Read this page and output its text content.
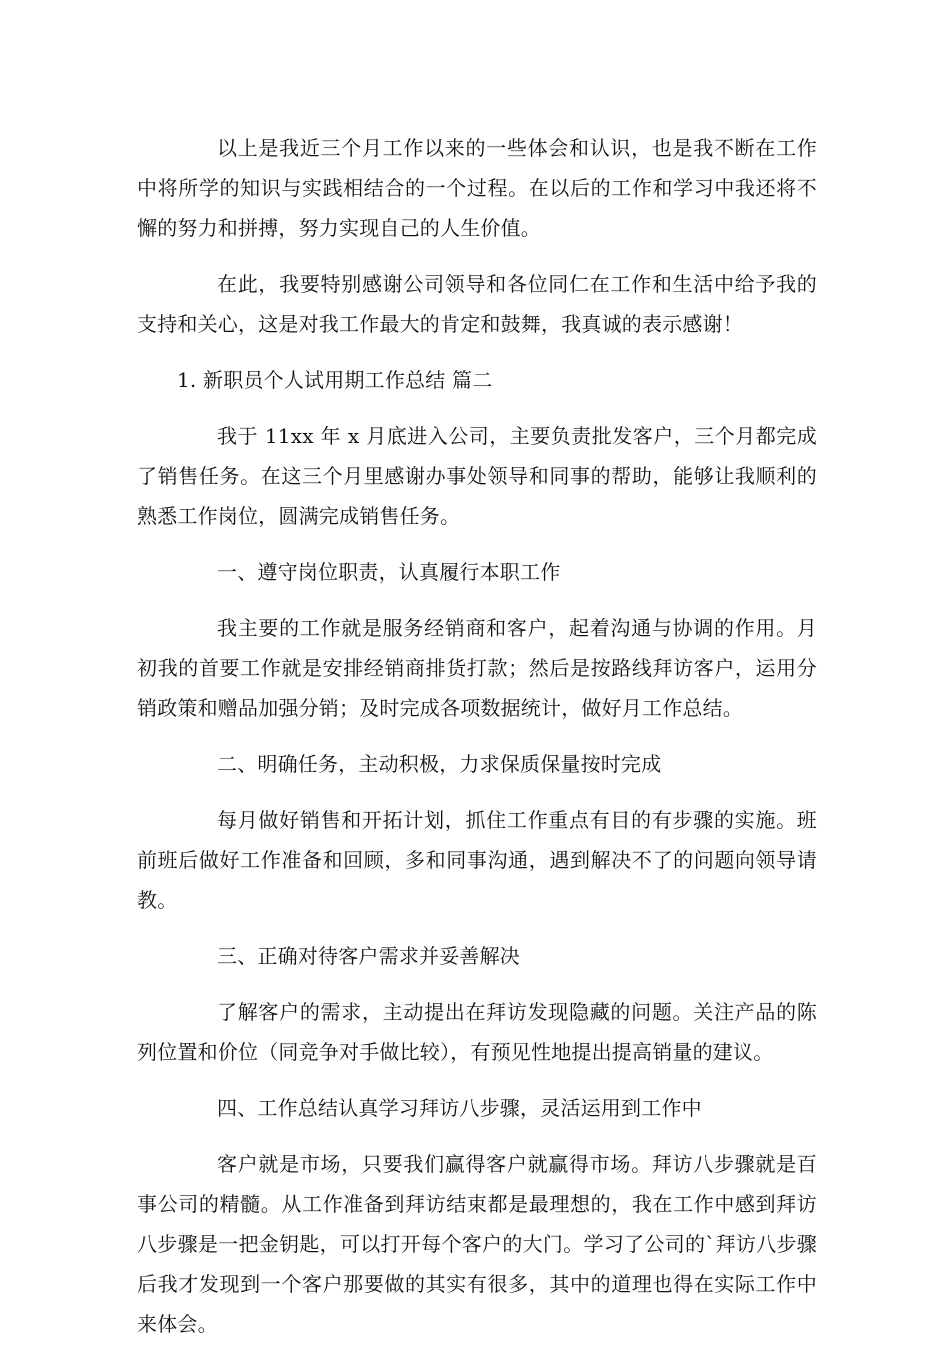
以上是我近三个月工作以来的一些体会和认识，也是我不断在工作中将所学的知识与实践相结合的一个过程。在以后的工作和学习中我还将不懈的努力和拼搏，努力实现自己的人生价值。

在此，我要特别感谢公司领导和各位同仁在工作和生活中给予我的支持和关心，这是对我工作最大的肯定和鼓舞，我真诚的表示感谢！

1. 新职员个人试用期工作总结 篇二

我于 11xx 年 x 月底进入公司，主要负责批发客户，三个月都完成了销售任务。在这三个月里感谢办事处领导和同事的帮助，能够让我顺利的熟悉工作岗位，圆满完成销售任务。

一、遵守岗位职责，认真履行本职工作

我主要的工作就是服务经销商和客户，起着沟通与协调的作用。月初我的首要工作就是安排经销商排货打款；然后是按路线拜访客户，运用分销政策和赠品加强分销；及时完成各项数据统计，做好月工作总结。

二、明确任务，主动积极，力求保质保量按时完成

每月做好销售和开拓计划，抓住工作重点有目的有步骤的实施。班前班后做好工作准备和回顾，多和同事沟通，遇到解决不了的问题向领导请教。

三、正确对待客户需求并妥善解决

了解客户的需求，主动提出在拜访发现隐藏的问题。关注产品的陈列位置和价位（同竞争对手做比较），有预见性地提出提高销量的建议。

四、工作总结认真学习拜访八步骤，灵活运用到工作中

客户就是市场，只要我们赢得客户就赢得市场。拜访八步骤就是百事公司的精髓。从工作准备到拜访结束都是最理想的，我在工作中感到拜访八步骤是一把金钥匙，可以打开每个客户的大门。学习了公司的`拜访八步骤后我才发现到一个客户那要做的其实有很多，其中的道理也得在实际工作中来体会。
